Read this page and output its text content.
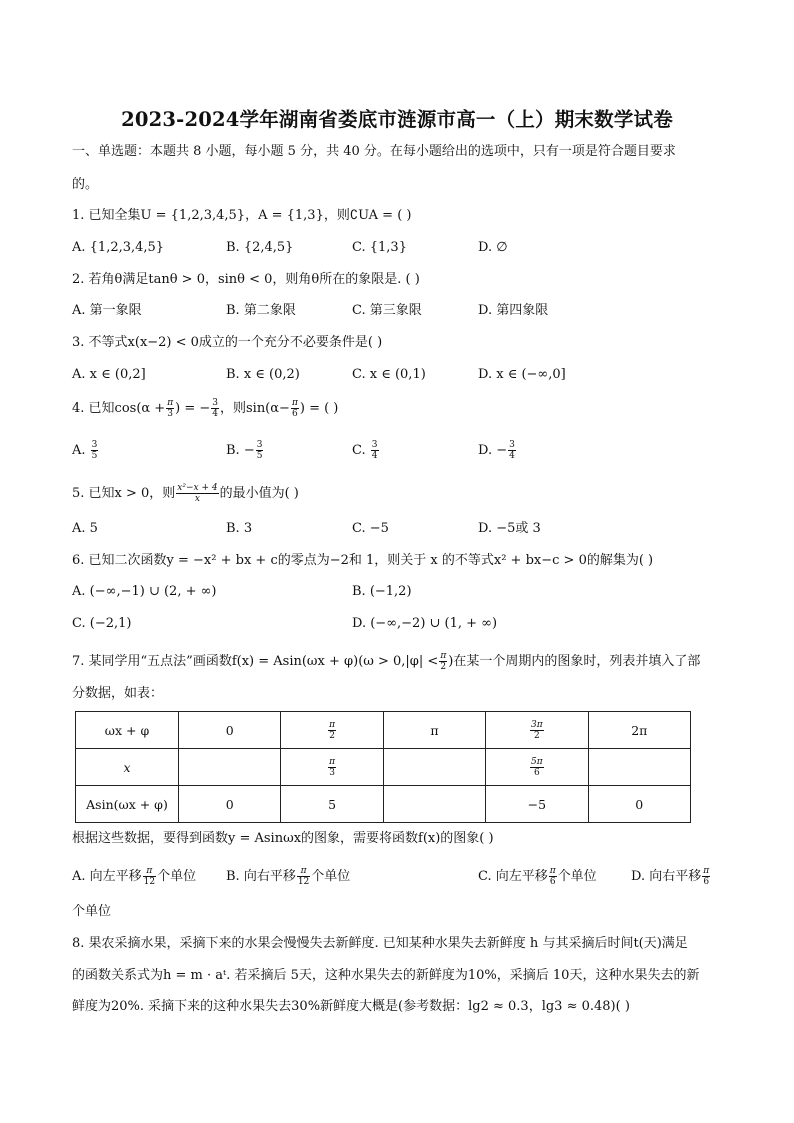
2023-2024学年湖南省娄底市涟源市高一（上）期末数学试卷
一、单选题：本题共 8 小题，每小题 5 分，共 40 分。在每小题给出的选项中，只有一项是符合题目要求
的。
1. 已知全集U = {1,2,3,4,5}，A = {1,3}，则∁UA = ( )
A. {1,2,3,4,5}	B. {2,4,5}	C. {1,3}	D. ∅
2. 若角θ满足tanθ > 0，sinθ < 0，则角θ所在的象限是. ( )
A. 第一象限	B. 第二象限	C. 第三象限	D. 第四象限
3. 不等式x(x−2) < 0成立的一个充分不必要条件是( )
A. x ∈ (0,2]	B. x ∈ (0,2)	C. x ∈ (0,1)	D. x ∈ (−∞,0]
4. 已知$\cos(\alpha + \frac{\pi}{3}$ ) = − $\frac{3}{4}$ ，则$\sin(\alpha- \frac{\pi}{6}$ ) = ( )
A. $\frac{3}{5}$	B. − $\frac{3}{5}$	C. $\frac{3}{4}$	D. − $\frac{3}{4}$
5. 已知x > 0，则 $\frac{\text{x²−x + 4}}{x}$ 的最小值为( )
A. 5	B. 3	C. −5	D. −5或 3
6. 已知二次函数y = −x² + bx + c的零点为−2和 1，则关于 x 的不等式x² + bx−c > 0的解集为( )
A. (−∞,−1) ∪ (2, + ∞)	B. (−1,2)
C. (−2,1)	D. (−∞,−2) ∪ (1, + ∞)
7. 某同学用“五点法”画函数$f(x) = Asin(\omega x + \varphi)(\omega > 0,|\varphi| < \frac{\pi}{2}$ )在某一个周期内的图象时，列表并填入了部
分数据，如表：
ωx + φ	0	$\frac{\pi}{2}$	π	$\frac{3\pi}{2}$	2π
x		$\frac{\pi}{3}$		$\frac{5\pi}{6}$

Asin(ωx + φ)	0	5		−5	0
根据这些数据，要得到函数y = Asinωx的图象，需要将函数f(x)的图象( )
A. 向左平移 $\frac{\pi}{12}$ 个单位 B. 向右平移 $\frac{\pi}{12}$ 个单位	C. 向左平移 $\frac{\pi}{6}$ 个单位	D. 向右平移 $\frac{\pi}{6}$
个单位
8. 果农采摘水果，采摘下来的水果会慢慢失去新鲜度. 已知某种水果失去新鲜度 h 与其采摘后时间t(天)满足
的函数关系式为h = m · aᵗ. 若采摘后 5天，这种水果失去的新鲜度为10%，采摘后 10天，这种水果失去的新
鲜度为20%. 采摘下来的这种水果失去30%新鲜度大概是(参考数据：lg2 ≈ 0.3，lg3 ≈ 0.48)( )
